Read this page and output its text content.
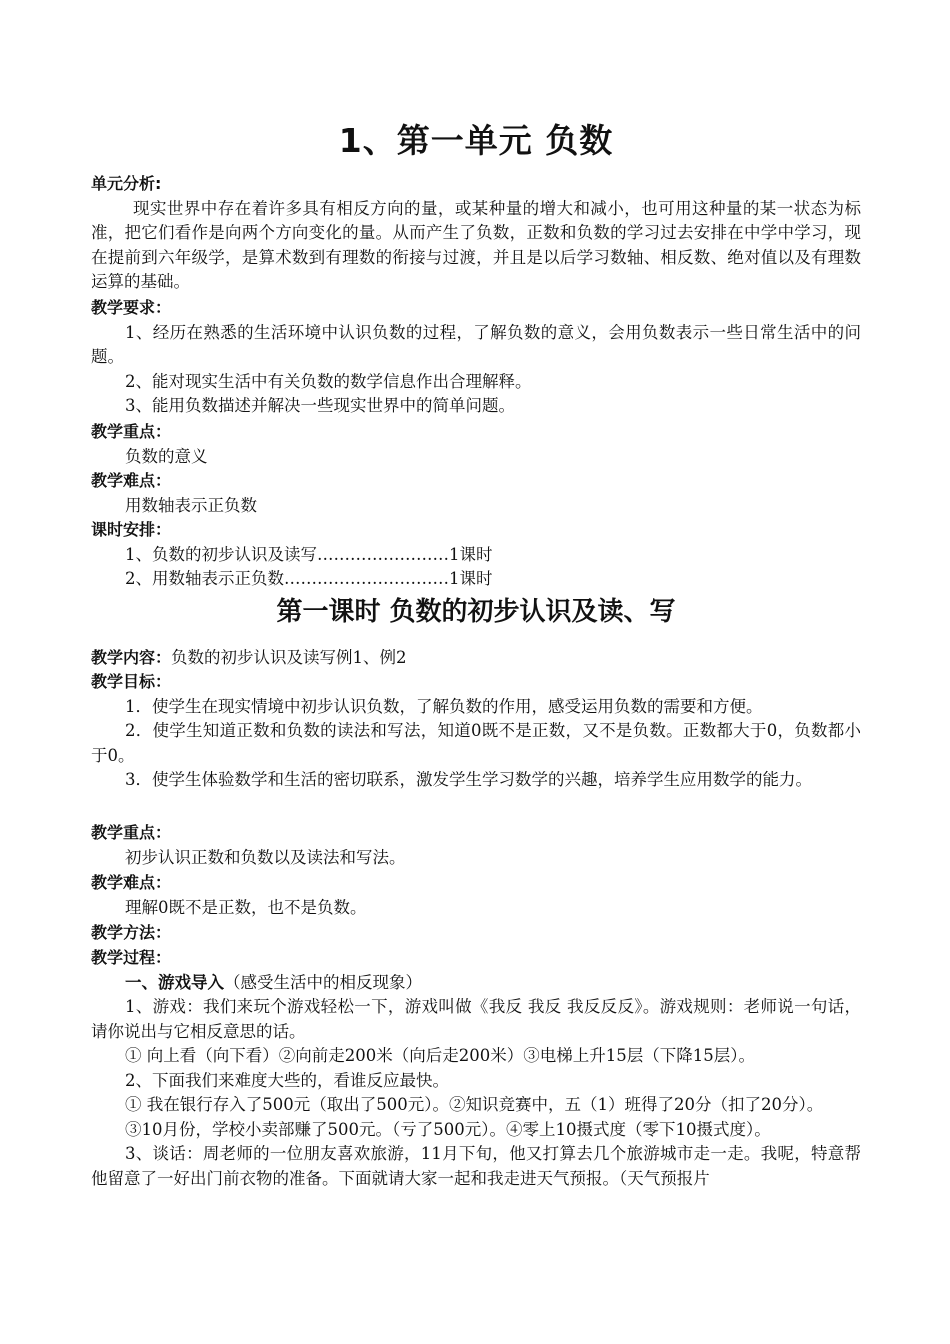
1、第一单元 负数

单元分析:

现实世界中存在着许多具有相反方向的量，或某种量的增大和减小，也可用这种量的某一状态为标准，把它们看作是向两个方向变化的量。从而产生了负数，正数和负数的学习过去安排在中学中学习，现在提前到六年级学，是算术数到有理数的衔接与过渡，并且是以后学习数轴、相反数、绝对值以及有理数运算的基础。

教学要求：

1、经历在熟悉的生活环境中认识负数的过程，了解负数的意义，会用负数表示一些日常生活中的问题。

2、能对现实生活中有关负数的数学信息作出合理解释。

3、能用负数描述并解决一些现实世界中的简单问题。

教学重点：

负数的意义

教学难点：

用数轴表示正负数

课时安排：

1、负数的初步认识及读写……………………1课时

2、用数轴表示正负数…………………………1课时

第一课时 负数的初步认识及读、写

教学内容：负数的初步认识及读写例1、例2

教学目标：

1．使学生在现实情境中初步认识负数，了解负数的作用，感受运用负数的需要和方便。

2．使学生知道正数和负数的读法和写法，知道0既不是正数，又不是负数。正数都大于0，负数都小于0。

3．使学生体验数学和生活的密切联系，激发学生学习数学的兴趣，培养学生应用数学的能力。

教学重点：

初步认识正数和负数以及读法和写法。

教学难点：

理解0既不是正数，也不是负数。

教学方法：

教学过程：

一、游戏导入（感受生活中的相反现象）

1、游戏：我们来玩个游戏轻松一下，游戏叫做《我反 我反 我反反反》。游戏规则：老师说一句话，请你说出与它相反意思的话。

① 向上看（向下看）②向前走200米（向后走200米）③电梯上升15层（下降15层）。

2、下面我们来难度大些的，看谁反应最快。

① 我在银行存入了500元（取出了500元）。②知识竞赛中，五（1）班得了20分（扣了20分）。

③10月份，学校小卖部赚了500元。（亏了500元）。④零上10摄式度（零下10摄式度）。

3、谈话：周老师的一位朋友喜欢旅游，11月下旬，他又打算去几个旅游城市走一走。我呢，特意帮他留意了一好出门前衣物的准备。下面就请大家一起和我走进天气预报。（天气预报片
